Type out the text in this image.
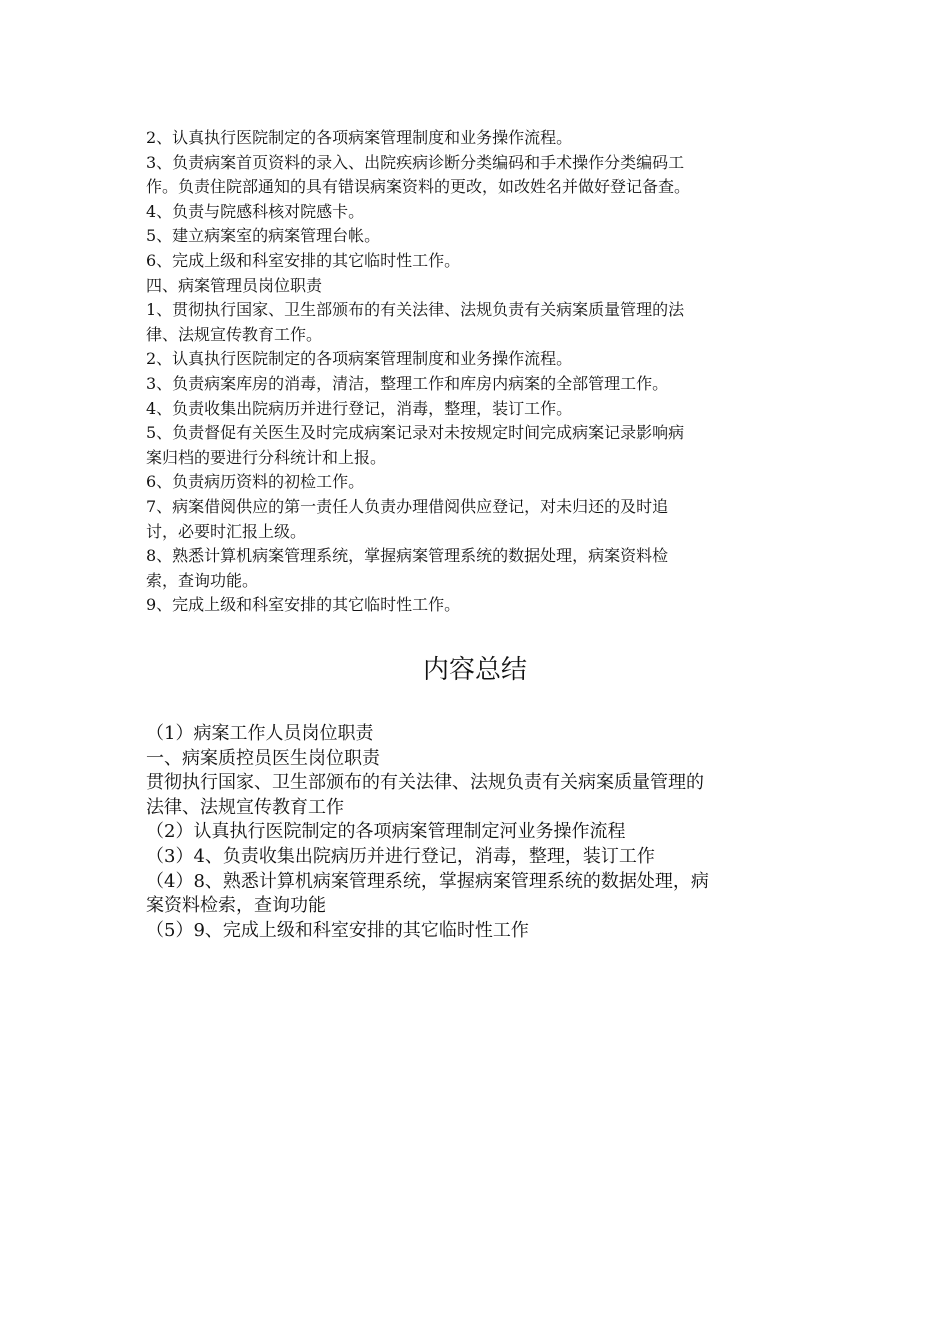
2、认真执行医院制定的各项病案管理制度和业务操作流程。
3、负责病案首页资料的录入、出院疾病诊断分类编码和手术操作分类编码工
作。负责住院部通知的具有错误病案资料的更改，如改姓名并做好登记备查。
4、负责与院感科核对院感卡。
5、建立病案室的病案管理台帐。
6、完成上级和科室安排的其它临时性工作。
四、病案管理员岗位职责
1、贯彻执行国家、卫生部颁布的有关法律、法规负责有关病案质量管理的法
律、法规宣传教育工作。
2、认真执行医院制定的各项病案管理制度和业务操作流程。
3、负责病案库房的消毒，清洁，整理工作和库房内病案的全部管理工作。
4、负责收集出院病历并进行登记，消毒，整理，装订工作。
5、负责督促有关医生及时完成病案记录对未按规定时间完成病案记录影响病
案归档的要进行分科统计和上报。
6、负责病历资料的初检工作。
7、病案借阅供应的第一责任人负责办理借阅供应登记，对未归还的及时追
讨，必要时汇报上级。
8、熟悉计算机病案管理系统，掌握病案管理系统的数据处理，病案资料检
索，查询功能。
9、完成上级和科室安排的其它临时性工作。
内容总结
（1）病案工作人员岗位职责
一、病案质控员医生岗位职责
贯彻执行国家、卫生部颁布的有关法律、法规负责有关病案质量管理的
法律、法规宣传教育工作
（2）认真执行医院制定的各项病案管理制定河业务操作流程
（3）4、负责收集出院病历并进行登记，消毒，整理，装订工作
（4）8、熟悉计算机病案管理系统，掌握病案管理系统的数据处理，病
案资料检索，查询功能
（5）9、完成上级和科室安排的其它临时性工作
